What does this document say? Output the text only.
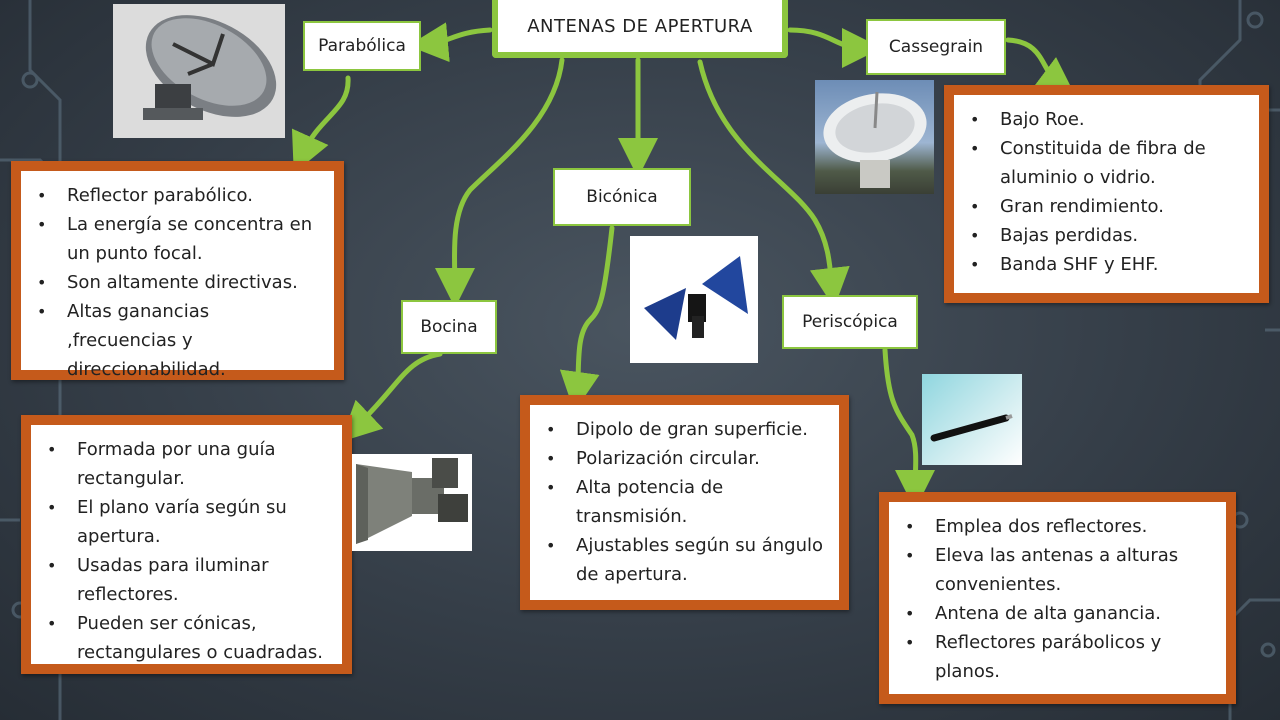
ANTENAS DE APERTURA
Parabólica	Cassegrain
Bicónica
Bocina	Periscópica
• Reflector parabólico.
• La energía se concentra en un punto focal.
• Son altamente directivas.
• Altas ganancias ,frecuencias y direccionabilidad.
• Bajo Roe.
• Constituida de fibra de aluminio o vidrio.
• Gran rendimiento.
• Bajas perdidas.
• Banda SHF y EHF.
• Dipolo de gran superficie.
• Polarización circular.
• Alta potencia de transmisión.
• Ajustables según su ángulo de apertura.
• Formada por una guía rectangular.
• El plano varía según su apertura.
• Usadas para iluminar reflectores.
• Pueden ser cónicas, rectangulares o cuadradas.
• Emplea dos reflectores.
• Eleva las antenas a alturas convenientes.
• Antena de alta ganancia.
• Reflectores parábolicos y planos.
